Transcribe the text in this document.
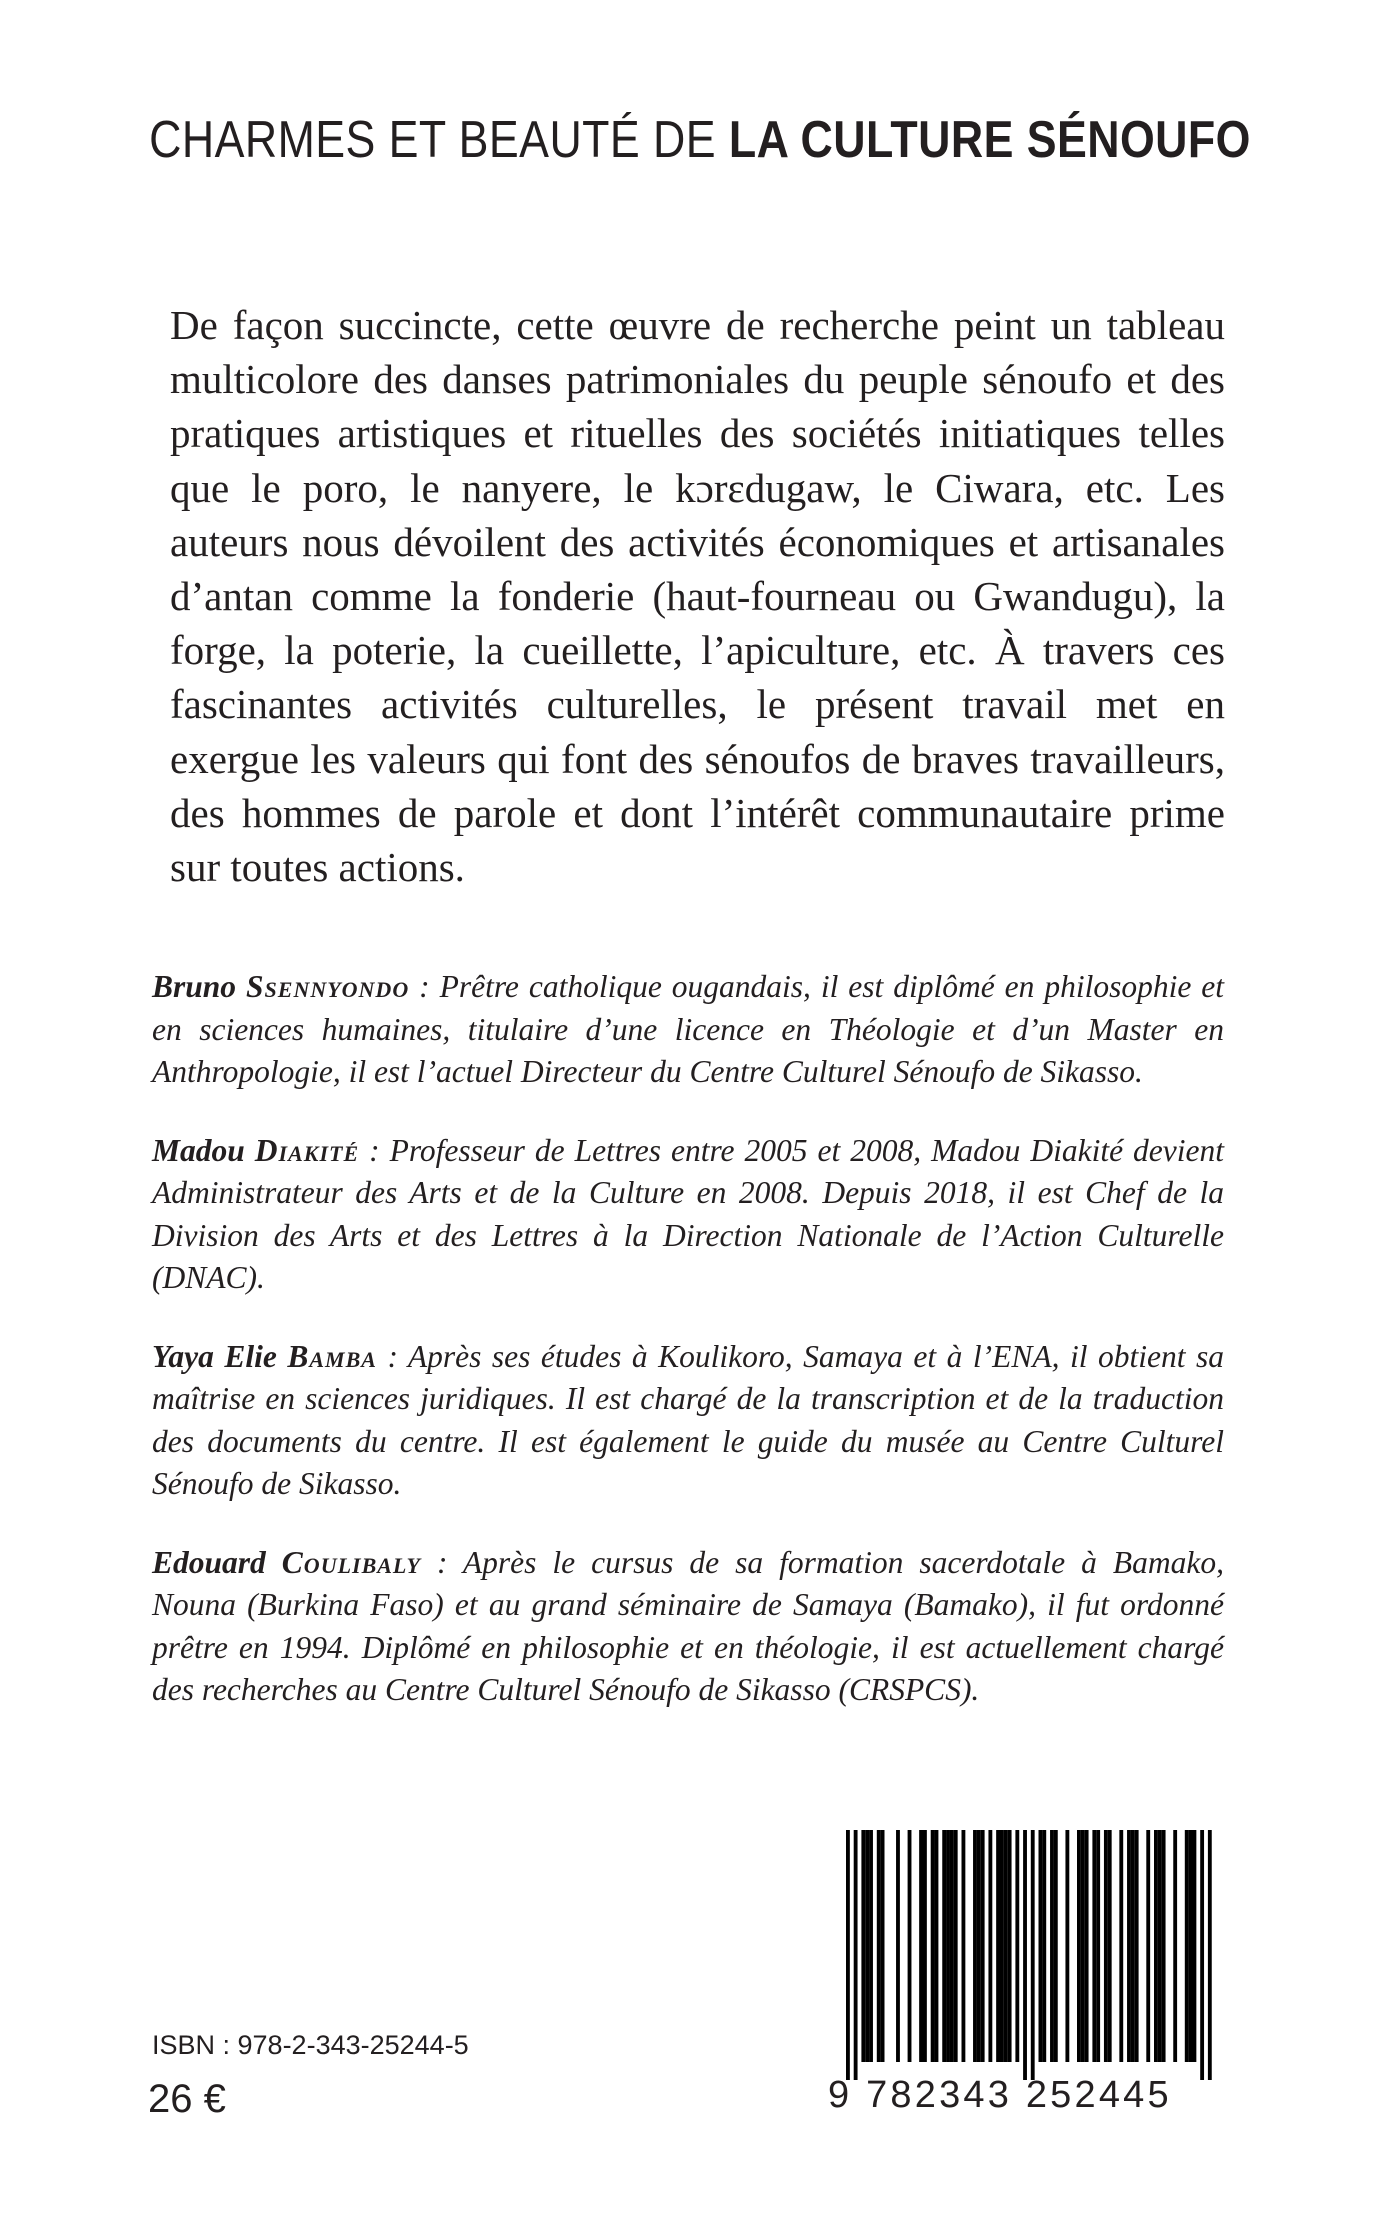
CHARMES ET BEAUTÉ DE LA CULTURE SÉNOUFO

De façon succincte, cette œuvre de recherche peint un tableau multicolore des danses patrimoniales du peuple sénoufo et des pratiques artistiques et rituelles des sociétés initiatiques telles que le poro, le nanyere, le kɔrɛdugaw, le Ciwara, etc. Les auteurs nous dévoilent des activités économiques et artisanales d’antan comme la fonderie (haut-fourneau ou Gwandugu), la forge, la poterie, la cueillette, l’apiculture, etc. À travers ces fascinantes activités culturelles, le présent travail met en exergue les valeurs qui font des sénoufos de braves travailleurs, des hommes de parole et dont l’intérêt communautaire prime sur toutes actions.

Bruno Ssennyondo : Prêtre catholique ougandais, il est diplômé en philosophie et en sciences humaines, titulaire d’une licence en Théologie et d’un Master en Anthropologie, il est l’actuel Directeur du Centre Culturel Sénoufo de Sikasso.

Madou Diakité : Professeur de Lettres entre 2005 et 2008, Madou Diakité devient Administrateur des Arts et de la Culture en 2008. Depuis 2018, il est Chef de la Division des Arts et des Lettres à la Direction Nationale de l’Action Culturelle (DNAC).

Yaya Elie Bamba : Après ses études à Koulikoro, Samaya et à l’ENA, il obtient sa maîtrise en sciences juridiques. Il est chargé de la transcription et de la traduction des documents du centre. Il est également le guide du musée au Centre Culturel Sénoufo de Sikasso.

Edouard Coulibaly : Après le cursus de sa formation sacerdotale à Bamako, Nouna (Burkina Faso) et au grand séminaire de Samaya (Bamako), il fut ordonné prêtre en 1994. Diplômé en philosophie et en théologie, il est actuellement chargé des recherches au Centre Culturel Sénoufo de Sikasso (CRSPCS).

ISBN : 978-2-343-25244-5

26 €	9 782343 252445
